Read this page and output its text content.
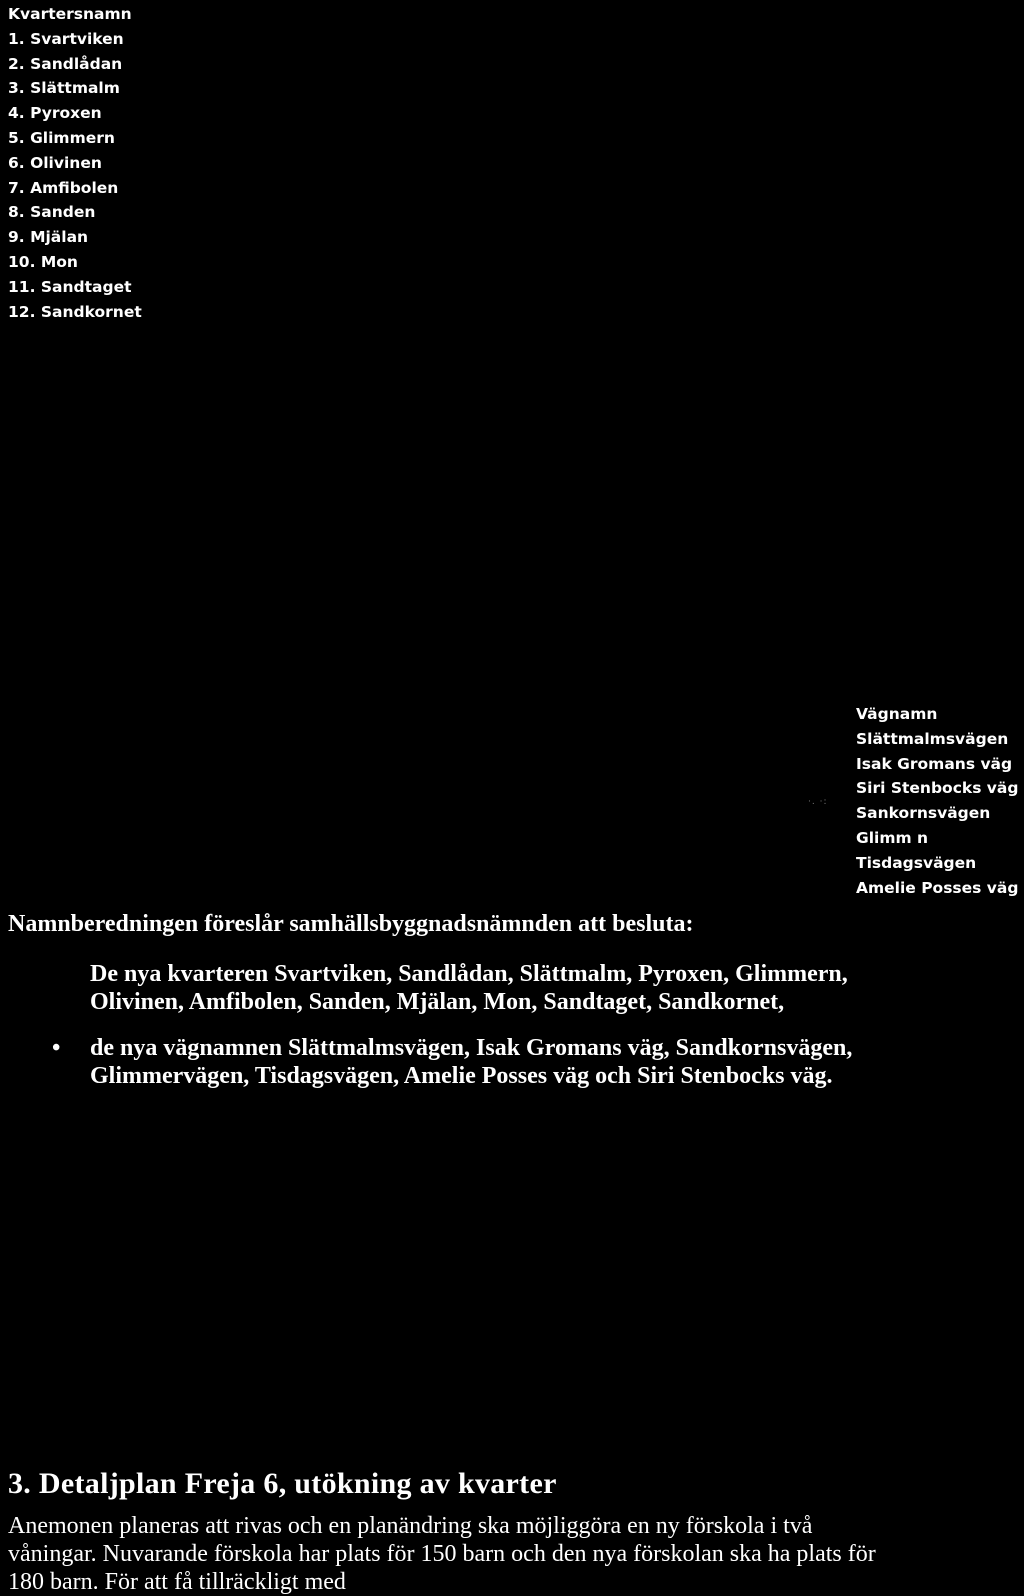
Kvartersnamn
1. Svartviken
2. Sandlådan
3. Slättmalm
4. Pyroxen
5. Glimmern
6. Olivinen
7. Amfibolen
8. Sanden
9. Mjälan
10. Mon
11. Sandtaget
12. Sandkornet
·. ·:
Vägnamn
Slättmalmsvägen
Isak Gromans väg
Siri Stenbocks väg
Sankornsvägen
Glimm n
Tisdagsvägen
Amelie Posses väg
Namnberedningen föreslår samhällsbyggnadsnämnden att besluta:
De nya kvarteren Svartviken, Sandlådan, Slättmalm, Pyroxen, Glimmern, Olivinen, Amfibolen, Sanden, Mjälan, Mon, Sandtaget, Sandkornet,
• de nya vägnamnen Slättmalmsvägen, Isak Gromans väg, Sandkornsvägen, Glimmervägen, Tisdagsvägen, Amelie Posses väg och Siri Stenbocks väg.
3. Detaljplan Freja 6, utökning av kvarter
Anemonen planeras att rivas och en planändring ska möjliggöra en ny förskola i två våningar. Nuvarande förskola har plats för 150 barn och den nya förskolan ska ha plats för 180 barn. För att få tillräckligt med
